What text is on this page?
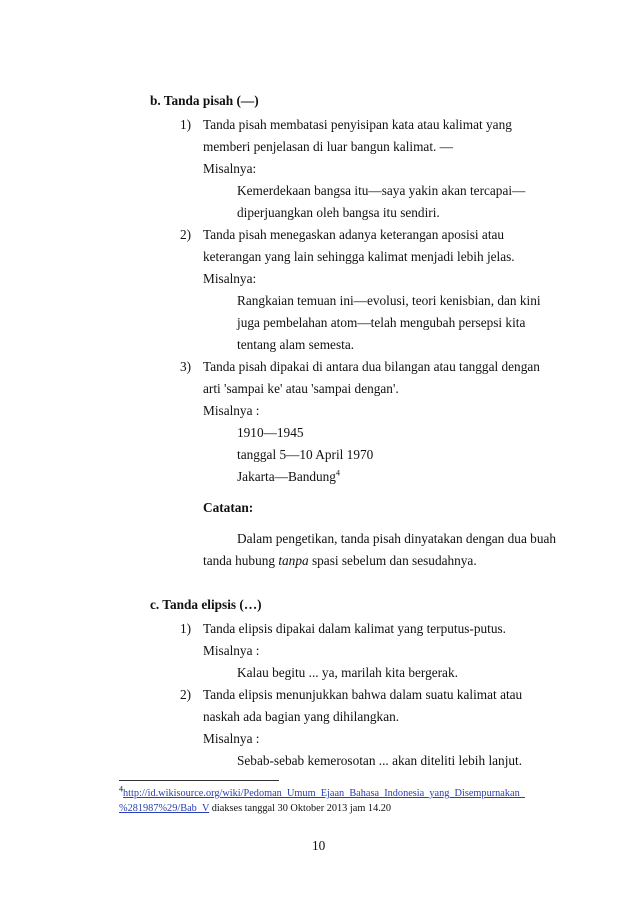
b. Tanda pisah (—)
1) Tanda pisah membatasi penyisipan kata atau kalimat yang
memberi penjelasan di luar bangun kalimat. —
Misalnya:
Kemerdekaan bangsa itu—saya yakin akan tercapai—
diperjuangkan oleh bangsa itu sendiri.
2) Tanda pisah menegaskan adanya keterangan aposisi atau
keterangan yang lain sehingga kalimat menjadi lebih jelas.
Misalnya:
Rangkaian temuan ini—evolusi, teori kenisbian, dan kini
juga pembelahan atom—telah mengubah persepsi kita
tentang alam semesta.
3) Tanda pisah dipakai di antara dua bilangan atau tanggal dengan
arti 'sampai ke' atau 'sampai dengan'.
Misalnya :
1910—1945
tanggal 5—10 April 1970
Jakarta—Bandung$^4$
Catatan:
Dalam pengetikan, tanda pisah dinyatakan dengan dua buah
tanda hubung tanpa spasi sebelum dan sesudahnya.
c. Tanda elipsis (…)
1) Tanda elipsis dipakai dalam kalimat yang terputus-putus.
Misalnya :
Kalau begitu ... ya, marilah kita bergerak.
2) Tanda elipsis menunjukkan bahwa dalam suatu kalimat atau
naskah ada bagian yang dihilangkan.
Misalnya :
Sebab-sebab kemerosotan ... akan diteliti lebih lanjut.
$^4$http://id.wikisource.org/wiki/Pedoman_Umum_Ejaan_Bahasa_Indonesia_yang_Disempurnakan_
%281987%29/Bab_V diakses tanggal 30 Oktober 2013 jam 14.20
10
